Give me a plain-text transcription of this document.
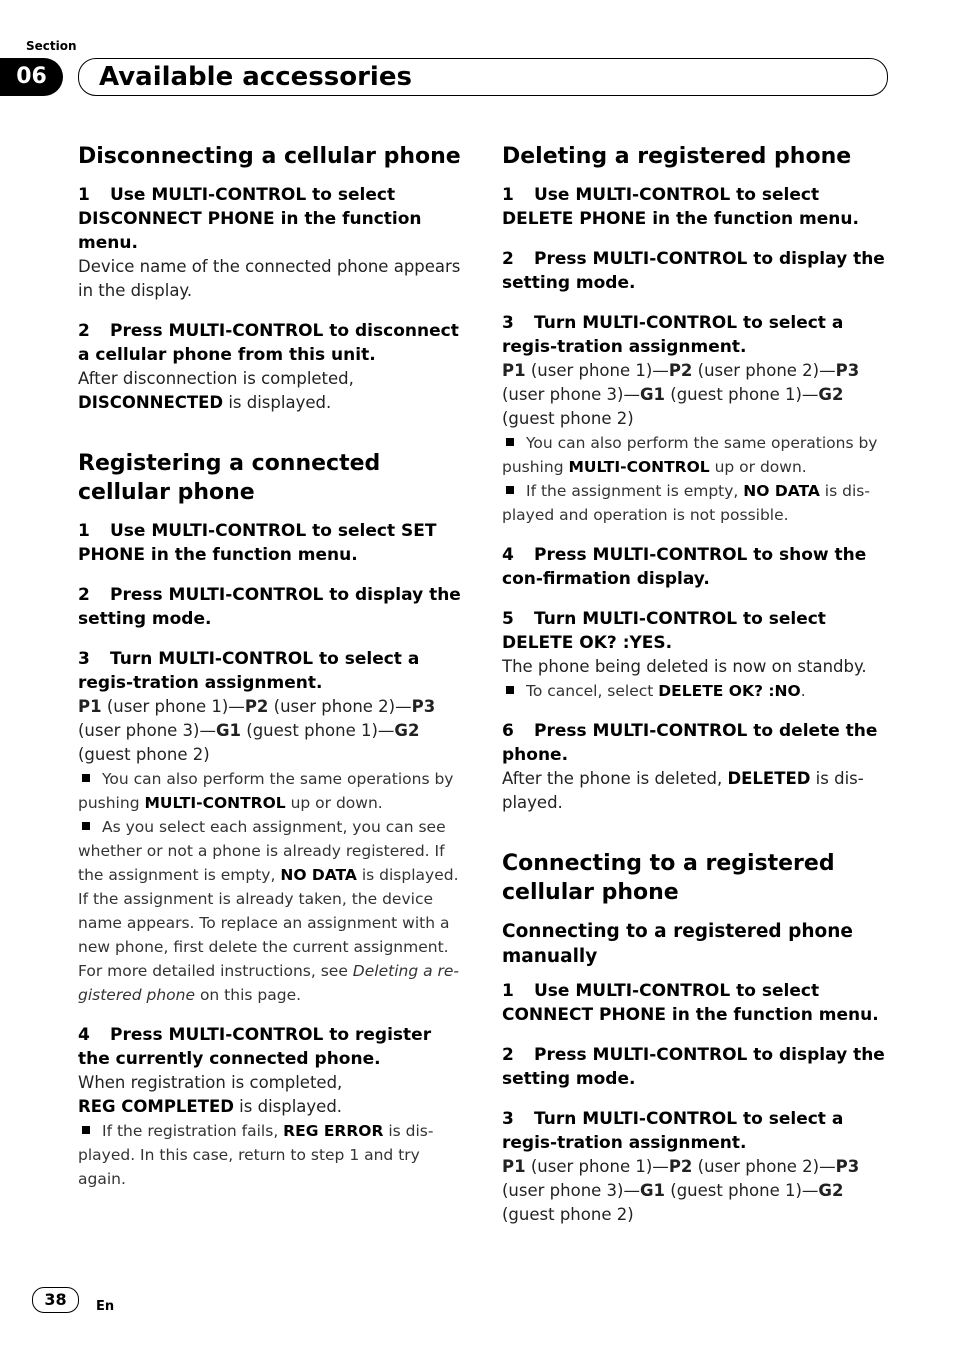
Section
06	Available accessories
Disconnecting a cellular phone
1 Use MULTI-CONTROL to select DISCONNECT PHONE in the function menu.
Device name of the connected phone appears in the display.
2 Press MULTI-CONTROL to disconnect a cellular phone from this unit.
After disconnection is completed,
DISCONNECTED is displayed.
Registering a connected cellular phone
1 Use MULTI-CONTROL to select SET PHONE in the function menu.
2 Press MULTI-CONTROL to display the setting mode.
3 Turn MULTI-CONTROL to select a regis-tration assignment.
P1 (user phone 1)—P2 (user phone 2)—P3 (user phone 3)—G1 (guest phone 1)—G2 (guest phone 2)
You can also perform the same operations by pushing MULTI-CONTROL up or down.
As you select each assignment, you can see whether or not a phone is already registered. If the assignment is empty, NO DATA is displayed. If the assignment is already taken, the device name appears. To replace an assignment with a new phone, first delete the current assignment. For more detailed instructions, see Deleting a re-gistered phone on this page.
4 Press MULTI-CONTROL to register the currently connected phone.
When registration is completed,
REG COMPLETED is displayed.
If the registration fails, REG ERROR is dis-played. In this case, return to step 1 and try again.
Deleting a registered phone
1 Use MULTI-CONTROL to select DELETE PHONE in the function menu.
2 Press MULTI-CONTROL to display the setting mode.
3 Turn MULTI-CONTROL to select a regis-tration assignment.
P1 (user phone 1)—P2 (user phone 2)—P3 (user phone 3)—G1 (guest phone 1)—G2 (guest phone 2)
You can also perform the same operations by pushing MULTI-CONTROL up or down.
If the assignment is empty, NO DATA is dis-played and operation is not possible.
4 Press MULTI-CONTROL to show the con-firmation display.
5 Turn MULTI-CONTROL to select DELETE OK? :YES.
The phone being deleted is now on standby.
To cancel, select DELETE OK? :NO.
6 Press MULTI-CONTROL to delete the phone.
After the phone is deleted, DELETED is dis-played.
Connecting to a registered cellular phone
Connecting to a registered phone manually
1 Use MULTI-CONTROL to select CONNECT PHONE in the function menu.
2 Press MULTI-CONTROL to display the setting mode.
3 Turn MULTI-CONTROL to select a regis-tration assignment.
P1 (user phone 1)—P2 (user phone 2)—P3 (user phone 3)—G1 (guest phone 1)—G2 (guest phone 2)
38	En
